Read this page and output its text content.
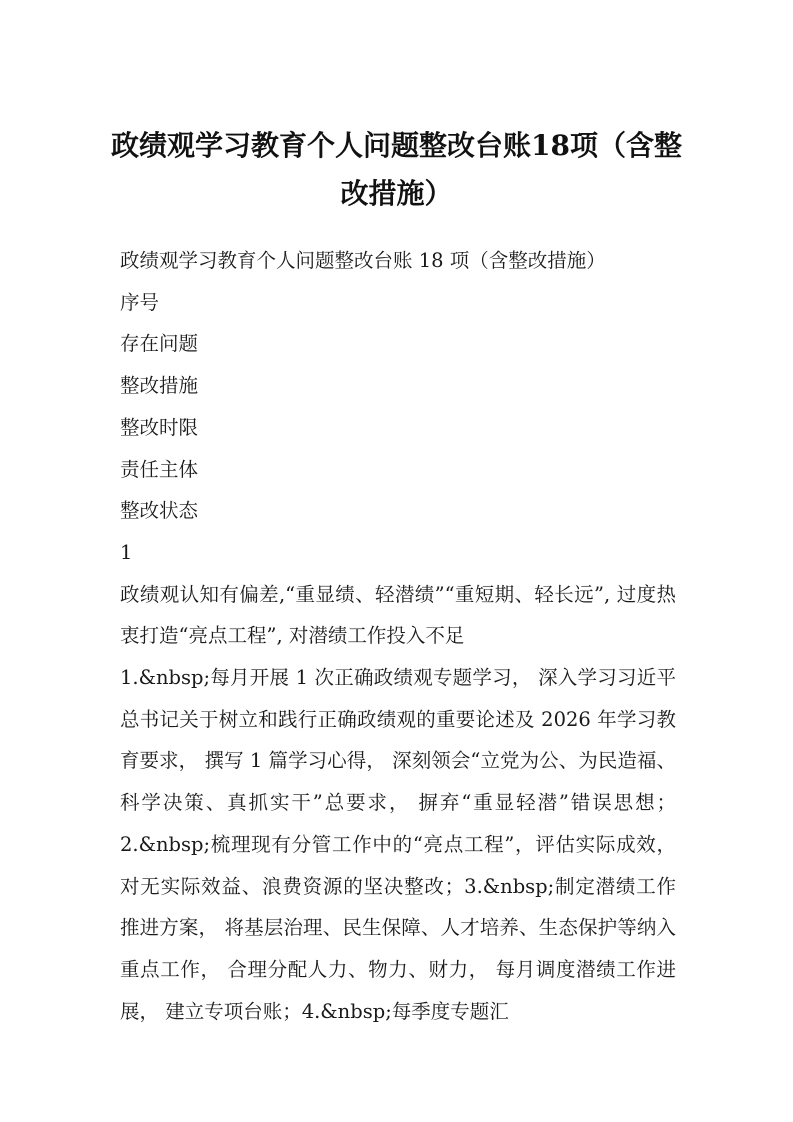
政绩观学习教育个人问题整改台账18项（含整改措施）

政绩观学习教育个人问题整改台账 18 项（含整改措施）

序号

存在问题

整改措施

整改时限

责任主体

整改状态

1

政绩观认知有偏差,“重显绩、轻潜绩”“重短期、轻长远”, 过度热衷打造“亮点工程”, 对潜绩工作投入不足

1.&nbsp;每月开展 1 次正确政绩观专题学习， 深入学习习近平总书记关于树立和践行正确政绩观的重要论述及 2026 年学习教育要求， 撰写 1 篇学习心得， 深刻领会“立党为公、为民造福、科学决策、真抓实干”总要求， 摒弃“重显轻潜”错误思想；2.&nbsp;梳理现有分管工作中的“亮点工程”，评估实际成效，对无实际效益、浪费资源的坚决整改；3.&nbsp;制定潜绩工作推进方案， 将基层治理、民生保障、人才培养、生态保护等纳入重点工作， 合理分配人力、物力、财力， 每月调度潜绩工作进展， 建立专项台账；4.&nbsp;每季度专题汇
